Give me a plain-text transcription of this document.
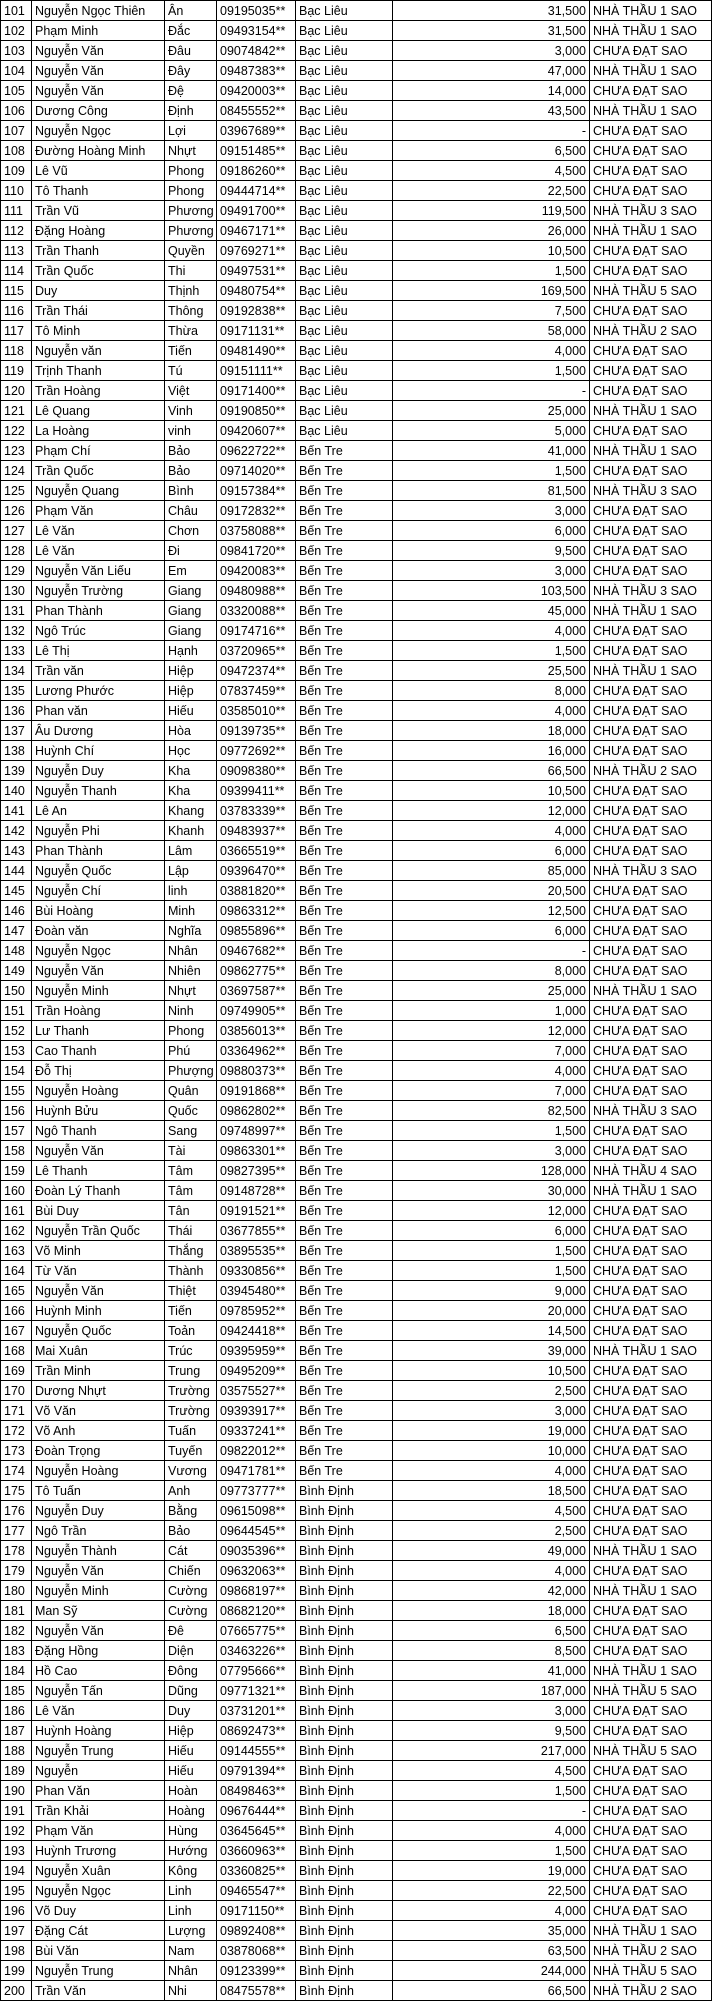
101	Nguyễn Ngọc Thiên	Ân	09195035**	Bạc Liêu	31,500	NHÀ THẦU 1 SAO
102	Phạm Minh	Đắc	09493154**	Bạc Liêu	31,500	NHÀ THẦU 1 SAO
103	Nguyễn Văn	Đâu	09074842**	Bạc Liêu	3,000	CHƯA ĐẠT SAO
104	Nguyễn Văn	Đây	09487383**	Bạc Liêu	47,000	NHÀ THẦU 1 SAO
105	Nguyễn Văn	Đệ	09420003**	Bạc Liêu	14,000	CHƯA ĐẠT SAO
106	Dương Công	Định	08455552**	Bạc Liêu	43,500	NHÀ THẦU 1 SAO
107	Nguyễn Ngọc	Lợi	03967689**	Bạc Liêu	-	CHƯA ĐẠT SAO
108	Đường Hoàng Minh	Nhựt	09151485**	Bạc Liêu	6,500	CHƯA ĐẠT SAO
109	Lê Vũ	Phong	09186260**	Bạc Liêu	4,500	CHƯA ĐẠT SAO
110	Tô Thanh	Phong	09444714**	Bạc Liêu	22,500	CHƯA ĐẠT SAO
111	Trần Vũ	Phương	09491700**	Bạc Liêu	119,500	NHÀ THẦU 3 SAO
112	Đặng Hoàng	Phương	09467171**	Bạc Liêu	26,000	NHÀ THẦU 1 SAO
113	Trần Thanh	Quyền	09769271**	Bạc Liêu	10,500	CHƯA ĐẠT SAO
114	Trần Quốc	Thi	09497531**	Bạc Liêu	1,500	CHƯA ĐẠT SAO
115	Duy	Thịnh	09480754**	Bạc Liêu	169,500	NHÀ THẦU 5 SAO
116	Trần Thái	Thông	09192838**	Bạc Liêu	7,500	CHƯA ĐẠT SAO
117	Tô Minh	Thừa	09171131**	Bạc Liêu	58,000	NHÀ THẦU 2 SAO
118	Nguyễn văn	Tiến	09481490**	Bạc Liêu	4,000	CHƯA ĐẠT SAO
119	Trịnh Thanh	Tú	09151111**	Bạc Liêu	1,500	CHƯA ĐẠT SAO
120	Trần Hoàng	Việt	09171400**	Bạc Liêu	-	CHƯA ĐẠT SAO
121	Lê Quang	Vinh	09190850**	Bạc Liêu	25,000	NHÀ THẦU 1 SAO
122	La Hoàng	vinh	09420607**	Bạc Liêu	5,000	CHƯA ĐẠT SAO
123	Phạm Chí	Bảo	09622722**	Bến Tre	41,000	NHÀ THẦU 1 SAO
124	Trần Quốc	Bảo	09714020**	Bến Tre	1,500	CHƯA ĐẠT SAO
125	Nguyễn Quang	Bình	09157384**	Bến Tre	81,500	NHÀ THẦU 3 SAO
126	Phạm Văn	Châu	09172832**	Bến Tre	3,000	CHƯA ĐẠT SAO
127	Lê Văn	Chơn	03758088**	Bến Tre	6,000	CHƯA ĐẠT SAO
128	Lê Văn	Đi	09841720**	Bến Tre	9,500	CHƯA ĐẠT SAO
129	Nguyễn Văn Liếu	Em	09420083**	Bến Tre	3,000	CHƯA ĐẠT SAO
130	Nguyễn Trường	Giang	09480988**	Bến Tre	103,500	NHÀ THẦU 3 SAO
131	Phan Thành	Giang	03320088**	Bến Tre	45,000	NHÀ THẦU 1 SAO
132	Ngô Trúc	Giang	09174716**	Bến Tre	4,000	CHƯA ĐẠT SAO
133	Lê Thị	Hạnh	03720965**	Bến Tre	1,500	CHƯA ĐẠT SAO
134	Trần văn	Hiệp	09472374**	Bến Tre	25,500	NHÀ THẦU 1 SAO
135	Lương Phước	Hiệp	07837459**	Bến Tre	8,000	CHƯA ĐẠT SAO
136	Phan văn	Hiếu	03585010**	Bến Tre	4,000	CHƯA ĐẠT SAO
137	Âu Dương	Hòa	09139735**	Bến Tre	18,000	CHƯA ĐẠT SAO
138	Huỳnh Chí	Học	09772692**	Bến Tre	16,000	CHƯA ĐẠT SAO
139	Nguyễn Duy	Kha	09098380**	Bến Tre	66,500	NHÀ THẦU 2 SAO
140	Nguyễn Thanh	Kha	09399411**	Bến Tre	10,500	CHƯA ĐẠT SAO
141	Lê An	Khang	03783339**	Bến Tre	12,000	CHƯA ĐẠT SAO
142	Nguyễn Phi	Khanh	09483937**	Bến Tre	4,000	CHƯA ĐẠT SAO
143	Phan Thành	Lâm	03665519**	Bến Tre	6,000	CHƯA ĐẠT SAO
144	Nguyễn Quốc	Lập	09396470**	Bến Tre	85,000	NHÀ THẦU 3 SAO
145	Nguyễn Chí	linh	03881820**	Bến Tre	20,500	CHƯA ĐẠT SAO
146	Bùi Hoàng	Minh	09863312**	Bến Tre	12,500	CHƯA ĐẠT SAO
147	Đoàn văn	Nghĩa	09855896**	Bến Tre	6,000	CHƯA ĐẠT SAO
148	Nguyễn Ngọc	Nhân	09467682**	Bến Tre	-	CHƯA ĐẠT SAO
149	Nguyễn Văn	Nhiên	09862775**	Bến Tre	8,000	CHƯA ĐẠT SAO
150	Nguyễn Minh	Nhựt	03697587**	Bến Tre	25,000	NHÀ THẦU 1 SAO
151	Trần Hoàng	Ninh	09749905**	Bến Tre	1,000	CHƯA ĐẠT SAO
152	Lư Thanh	Phong	03856013**	Bến Tre	12,000	CHƯA ĐẠT SAO
153	Cao Thanh	Phú	03364962**	Bến Tre	7,000	CHƯA ĐẠT SAO
154	Đỗ Thị	Phượng	09880373**	Bến Tre	4,000	CHƯA ĐẠT SAO
155	Nguyễn Hoàng	Quân	09191868**	Bến Tre	7,000	CHƯA ĐẠT SAO
156	Huỳnh Bửu	Quốc	09862802**	Bến Tre	82,500	NHÀ THẦU 3 SAO
157	Ngô Thanh	Sang	09748997**	Bến Tre	1,500	CHƯA ĐẠT SAO
158	Nguyễn Văn	Tài	09863301**	Bến Tre	3,000	CHƯA ĐẠT SAO
159	Lê Thanh	Tâm	09827395**	Bến Tre	128,000	NHÀ THẦU 4 SAO
160	Đoàn Lý Thanh	Tâm	09148728**	Bến Tre	30,000	NHÀ THẦU 1 SAO
161	Bùi Duy	Tân	09191521**	Bến Tre	12,000	CHƯA ĐẠT SAO
162	Nguyễn Trần Quốc	Thái	03677855**	Bến Tre	6,000	CHƯA ĐẠT SAO
163	Võ Minh	Thắng	03895535**	Bến Tre	1,500	CHƯA ĐẠT SAO
164	Từ Văn	Thành	09330856**	Bến Tre	1,500	CHƯA ĐẠT SAO
165	Nguyễn Văn	Thiệt	03945480**	Bến Tre	9,000	CHƯA ĐẠT SAO
166	Huỳnh Minh	Tiến	09785952**	Bến Tre	20,000	CHƯA ĐẠT SAO
167	Nguyễn Quốc	Toản	09424418**	Bến Tre	14,500	CHƯA ĐẠT SAO
168	Mai Xuân	Trúc	09395959**	Bến Tre	39,000	NHÀ THẦU 1 SAO
169	Trần Minh	Trung	09495209**	Bến Tre	10,500	CHƯA ĐẠT SAO
170	Dương Nhựt	Trường	03575527**	Bến Tre	2,500	CHƯA ĐẠT SAO
171	Võ Văn	Trường	09393917**	Bến Tre	3,000	CHƯA ĐẠT SAO
172	Võ Anh	Tuấn	09337241**	Bến Tre	19,000	CHƯA ĐẠT SAO
173	Đoàn Trọng	Tuyến	09822012**	Bến Tre	10,000	CHƯA ĐẠT SAO
174	Nguyễn Hoàng	Vương	09471781**	Bến Tre	4,000	CHƯA ĐẠT SAO
175	Tô Tuấn	Anh	09773777**	Bình Định	18,500	CHƯA ĐẠT SAO
176	Nguyễn Duy	Bằng	09615098**	Bình Định	4,500	CHƯA ĐẠT SAO
177	Ngô Trần	Bảo	09644545**	Bình Định	2,500	CHƯA ĐẠT SAO
178	Nguyễn Thành	Cát	09035396**	Bình Định	49,000	NHÀ THẦU 1 SAO
179	Nguyễn Văn	Chiến	09632063**	Bình Định	4,000	CHƯA ĐẠT SAO
180	Nguyễn Minh	Cường	09868197**	Bình Định	42,000	NHÀ THẦU 1 SAO
181	Man Sỹ	Cường	08682120**	Bình Định	18,000	CHƯA ĐẠT SAO
182	Nguyễn Văn	Đê	07665775**	Bình Định	6,500	CHƯA ĐẠT SAO
183	Đặng Hồng	Diện	03463226**	Bình Định	8,500	CHƯA ĐẠT SAO
184	Hồ Cao	Đông	07795666**	Bình Định	41,000	NHÀ THẦU 1 SAO
185	Nguyễn Tấn	Dũng	09771321**	Bình Định	187,000	NHÀ THẦU 5 SAO
186	Lê Văn	Duy	03731201**	Bình Định	3,000	CHƯA ĐẠT SAO
187	Huỳnh Hoàng	Hiệp	08692473**	Bình Định	9,500	CHƯA ĐẠT SAO
188	Nguyễn Trung	Hiếu	09144555**	Bình Định	217,000	NHÀ THẦU 5 SAO
189	Nguyễn	Hiếu	09791394**	Bình Định	4,500	CHƯA ĐẠT SAO
190	Phan Văn	Hoàn	08498463**	Bình Định	1,500	CHƯA ĐẠT SAO
191	Trần Khải	Hoàng	09676444**	Bình Định	-	CHƯA ĐẠT SAO
192	Phạm Văn	Hùng	03645645**	Bình Định	4,000	CHƯA ĐẠT SAO
193	Huỳnh Trương	Hướng	03660963**	Bình Định	1,500	CHƯA ĐẠT SAO
194	Nguyễn Xuân	Kông	03360825**	Bình Định	19,000	CHƯA ĐẠT SAO
195	Nguyễn Ngọc	Linh	09465547**	Bình Định	22,500	CHƯA ĐẠT SAO
196	Võ Duy	Linh	09171150**	Bình Định	4,000	CHƯA ĐẠT SAO
197	Đặng Cát	Lượng	09892408**	Bình Định	35,000	NHÀ THẦU 1 SAO
198	Bùi Văn	Nam	03878068**	Bình Định	63,500	NHÀ THẦU 2 SAO
199	Nguyễn Trung	Nhân	09123399**	Bình Định	244,000	NHÀ THẦU 5 SAO
200	Trần Văn	Nhi	08475578**	Bình Định	66,500	NHÀ THẦU 2 SAO
